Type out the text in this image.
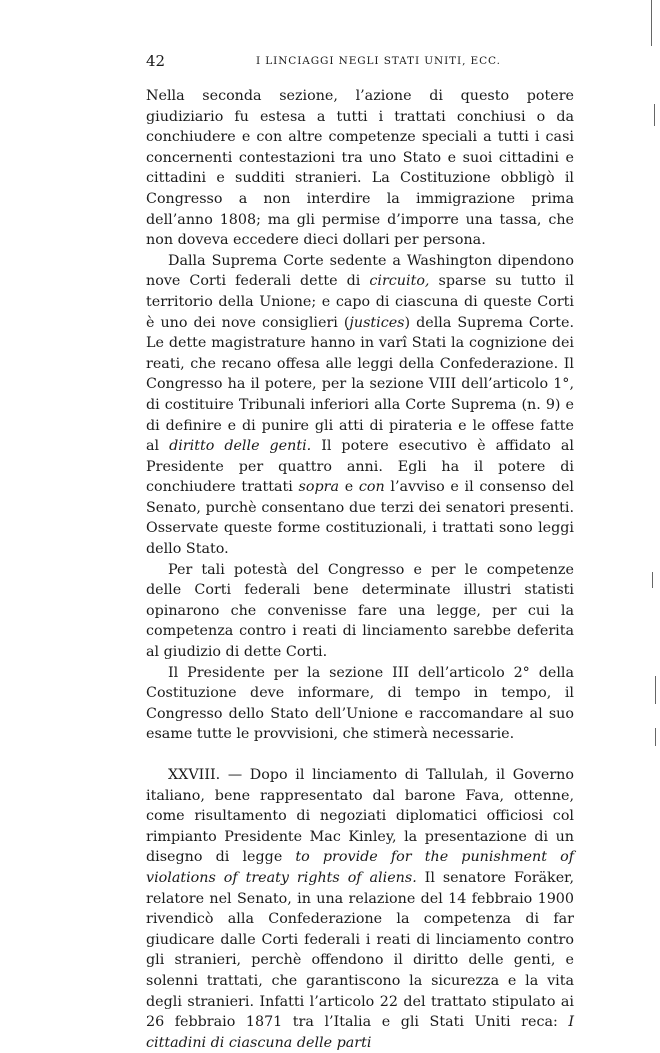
42	I LINCIAGGI NEGLI STATI UNITI, ECC.

Nella seconda sezione, l’azione di questo potere giudiziario fu estesa a tutti i trattati conchiusi o da conchiudere e con altre competenze speciali a tutti i casi concernenti contestazioni tra uno Stato e suoi cittadini e cittadini e sudditi stranieri. La Costituzione obbligò il Congresso a non interdire la immigrazione prima dell’anno 1808; ma gli permise d’imporre una tassa, che non doveva eccedere dieci dollari per persona.

Dalla Suprema Corte sedente a Washington dipendono nove Corti federali dette di circuito, sparse su tutto il territorio della Unione; e capo di ciascuna di queste Corti è uno dei nove consiglieri (justices) della Suprema Corte. Le dette magistrature hanno in varî Stati la cognizione dei reati, che recano offesa alle leggi della Confederazione. Il Congresso ha il potere, per la sezione VIII dell’articolo 1°, di costituire Tribunali inferiori alla Corte Suprema (n. 9) e di definire e di punire gli atti di pirateria e le offese fatte al diritto delle genti. Il potere esecutivo è affidato al Presidente per quattro anni. Egli ha il potere di conchiudere trattati sopra e con l’avviso e il consenso del Senato, purchè consentano due terzi dei senatori presenti. Osservate queste forme costituzionali, i trattati sono leggi dello Stato.

Per tali potestà del Congresso e per le competenze delle Corti federali bene determinate illustri statisti opinarono che convenisse fare una legge, per cui la competenza contro i reati di linciamento sarebbe deferita al giudizio di dette Corti.

Il Presidente per la sezione III dell’articolo 2° della Costituzione deve informare, di tempo in tempo, il Congresso dello Stato dell’Unione e raccomandare al suo esame tutte le provvisioni, che stimerà necessarie.

XXVIII. — Dopo il linciamento di Tallulah, il Governo italiano, bene rappresentato dal barone Fava, ottenne, come risultamento di negoziati diplomatici officiosi col rimpianto Presidente Mac Kinley, la presentazione di un disegno di legge to provide for the punishment of violations of treaty rights of aliens. Il senatore Foräker, relatore nel Senato, in una relazione del 14 febbraio 1900 rivendicò alla Confederazione la competenza di far giudicare dalle Corti federali i reati di linciamento contro gli stranieri, perchè offendono il diritto delle genti, e solenni trattati, che garantiscono la sicurezza e la vita degli stranieri. Infatti l’articolo 22 del trattato stipulato ai 26 febbraio 1871 tra l’Italia e gli Stati Uniti reca: I cittadini di ciascuna delle parti
